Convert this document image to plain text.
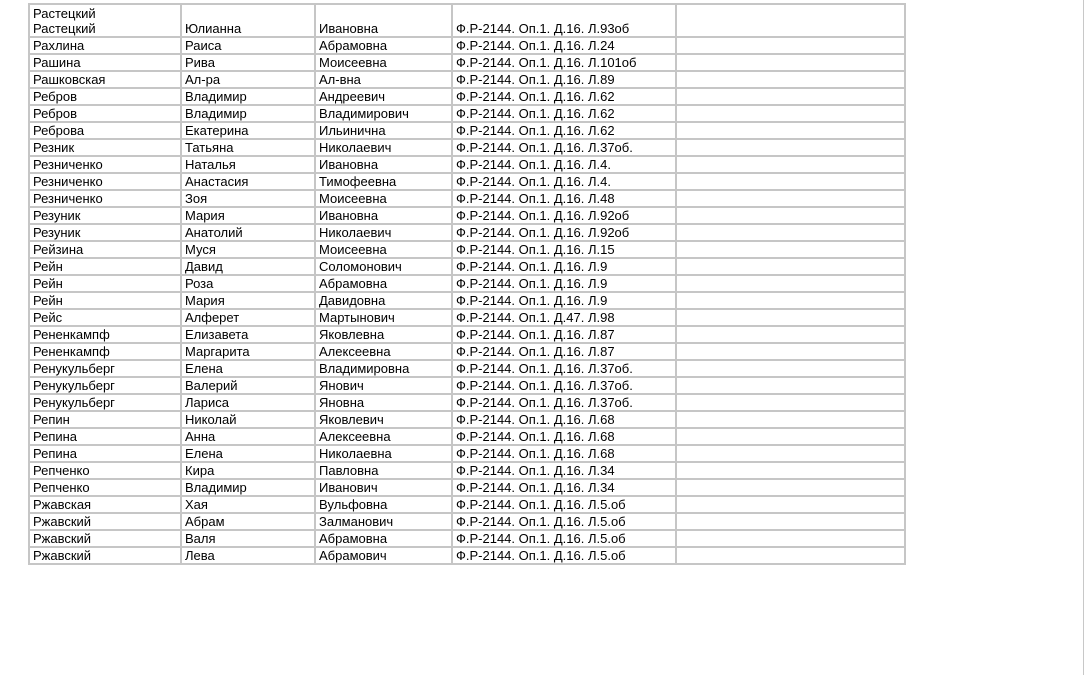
Растецкий
Растецкий	Юлианна	Ивановна	Ф.Р-2144. Оп.1. Д.16. Л.93об	
Рахлина	Раиса	Абрамовна	Ф.Р-2144. Оп.1. Д.16. Л.24	
Рашина	Рива	Моисеевна	Ф.Р-2144. Оп.1. Д.16. Л.101об	
Рашковская	Ал-ра	Ал-вна	Ф.Р-2144. Оп.1. Д.16. Л.89	
Ребров	Владимир	Андреевич	Ф.Р-2144. Оп.1. Д.16. Л.62	
Ребров	Владимир	Владимирович	Ф.Р-2144. Оп.1. Д.16. Л.62	
Реброва	Екатерина	Ильинична	Ф.Р-2144. Оп.1. Д.16. Л.62	
Резник	Татьяна	Николаевич	Ф.Р-2144. Оп.1. Д.16. Л.37об.	
Резниченко	Наталья	Ивановна	Ф.Р-2144. Оп.1. Д.16. Л.4.	
Резниченко	Анастасия	Тимофеевна	Ф.Р-2144. Оп.1. Д.16. Л.4.	
Резниченко	Зоя	Моисеевна	Ф.Р-2144. Оп.1. Д.16. Л.48	
Резуник	Мария	Ивановна	Ф.Р-2144. Оп.1. Д.16. Л.92об	
Резуник	Анатолий	Николаевич	Ф.Р-2144. Оп.1. Д.16. Л.92об	
Рейзина	Муся	Моисеевна	Ф.Р-2144. Оп.1. Д.16. Л.15	
Рейн	Давид	Соломонович	Ф.Р-2144. Оп.1. Д.16. Л.9	
Рейн	Роза	Абрамовна	Ф.Р-2144. Оп.1. Д.16. Л.9	
Рейн	Мария	Давидовна	Ф.Р-2144. Оп.1. Д.16. Л.9	
Рейс	Алферет	Мартынович	Ф.Р-2144. Оп.1. Д.47. Л.98	
Рененкампф	Елизавета	Яковлевна	Ф.Р-2144. Оп.1. Д.16. Л.87	
Рененкампф	Маргарита	Алексеевна	Ф.Р-2144. Оп.1. Д.16. Л.87	
Ренукульберг	Елена	Владимировна	Ф.Р-2144. Оп.1. Д.16. Л.37об.	
Ренукульберг	Валерий	Янович	Ф.Р-2144. Оп.1. Д.16. Л.37об.	
Ренукульберг	Лариса	Яновна	Ф.Р-2144. Оп.1. Д.16. Л.37об.	
Репин	Николай	Яковлевич	Ф.Р-2144. Оп.1. Д.16. Л.68	
Репина	Анна	Алексеевна	Ф.Р-2144. Оп.1. Д.16. Л.68	
Репина	Елена	Николаевна	Ф.Р-2144. Оп.1. Д.16. Л.68	
Репченко	Кира	Павловна	Ф.Р-2144. Оп.1. Д.16. Л.34	
Репченко	Владимир	Иванович	Ф.Р-2144. Оп.1. Д.16. Л.34	
Ржавская	Хая	Вульфовна	Ф.Р-2144. Оп.1. Д.16. Л.5.об	
Ржавский	Абрам	Залманович	Ф.Р-2144. Оп.1. Д.16. Л.5.об	
Ржавский	Валя	Абрамовна	Ф.Р-2144. Оп.1. Д.16. Л.5.об	
Ржавский	Лева	Абрамович	Ф.Р-2144. Оп.1. Д.16. Л.5.об	
